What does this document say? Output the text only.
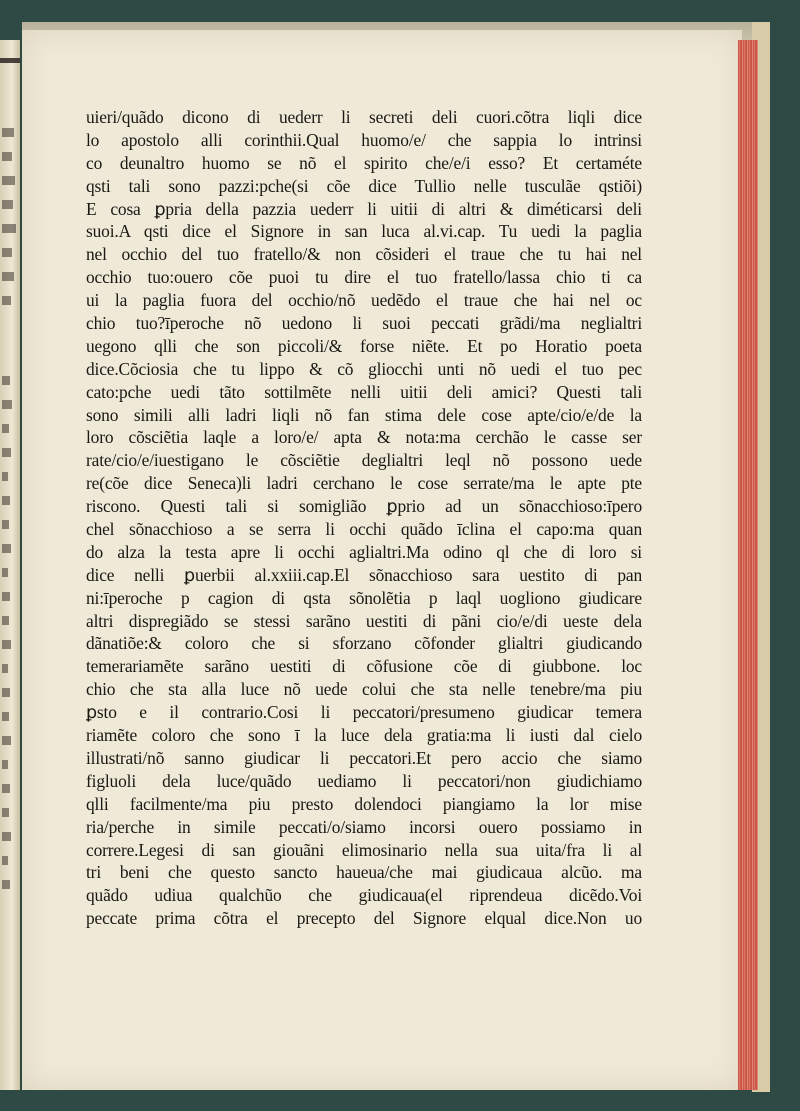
uieri/quãdo dicono di uederr li secreti deli cuori.cõtra liqli dice
lo apostolo alli corinthii.Qual huomo/e/ che sappia lo intrinsi
co deunaltro huomo se nõ el spirito che/e/i esso? Et certaméte
qsti tali sono pazzi:pche(si cõe dice Tullio nelle tusculãe qstiõi)
E cosa ꝑpria della pazzia uederr li uitii di altri & diméticarsi deli
suoi.A qsti dice el Signore in san luca al.vi.cap. Tu uedi la paglia
nel occhio del tuo fratello/& non cõsideri el traue che tu hai nel
occhio tuo:ouero cõe puoi tu dire el tuo fratello/lassa chio ti ca
ui la paglia fuora del occhio/nõ uedẽdo el traue che hai nel oc
chio tuo?īperoche nõ uedono li suoi peccati grãdi/ma neglialtri
uegono qlli che son piccoli/& forse niẽte. Et po Horatio poeta
dice.Cõciosia che tu lippo & cõ gliocchi unti nõ uedi el tuo pec
cato:pche uedi tãto sottilmẽte nelli uitii deli amici? Questi tali
sono simili alli ladri liqli nõ fan stima dele cose apte/cio/e/de la
loro cõsciẽtia laqle a loro/e/ apta & nota:ma cerchão le casse ser
rate/cio/e/iuestigano le cõsciẽtie deglialtri leql nõ possono uede
re(cõe dice Seneca)li ladri cerchano le cose serrate/ma le apte pte
riscono. Questi tali si somiglião ꝑprio ad un sõnacchioso:īpero
chel sõnacchioso a se serra li occhi quãdo īclina el capo:ma quan
do alza la testa apre li occhi aglialtri.Ma odino ql che di loro si
dice nelli ꝑuerbii al.xxiii.cap.El sõnacchioso sara uestito di pan
ni:īperoche p cagion di qsta sõnolẽtia p laql uogliono giudicare
altri dispregiãdo se stessi sarãno uestiti di pãni cio/e/di ueste dela
dãnatiõe:& coloro che si sforzano cõfonder glialtri giudicando
temerariamẽte sarãno uestiti di cõfusione cõe di giubbone. loc
chio che sta alla luce nõ uede colui che sta nelle tenebre/ma piu
ꝑsto e il contrario.Cosi li peccatori/presumeno giudicar temera
riamẽte coloro che sono ī la luce dela gratia:ma li iusti dal cielo
illustrati/nõ sanno giudicar li peccatori.Et pero accio che siamo
figluoli dela luce/quãdo uediamo li peccatori/non giudichiamo
qlli facilmente/ma piu presto dolendoci piangiamo la lor mise
ria/perche in simile peccati/o/siamo incorsi ouero possiamo in
correre.Legesi di san giouãni elimosinario nella sua uita/fra li al
tri beni che questo sancto haueua/che mai giudicaua alcũo. ma
quãdo udiua qualchũo che giudicaua(el riprendeua dicẽdo.Voi
peccate prima cõtra el precepto del Signore elqual dice.Non uo
